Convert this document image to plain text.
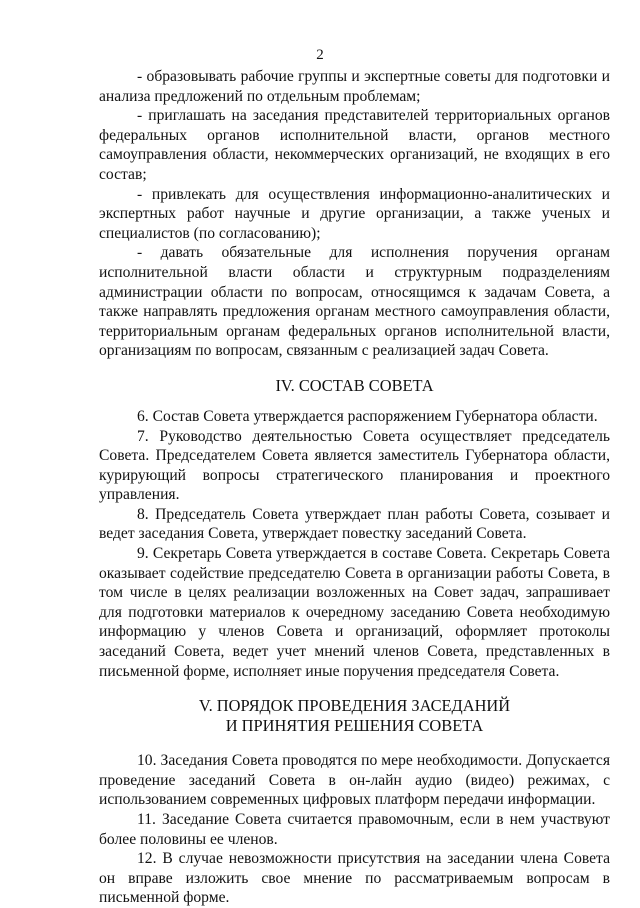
2

- образовывать рабочие группы и экспертные советы для подготовки и анализа предложений по отдельным проблемам;

- приглашать на заседания представителей территориальных органов федеральных органов исполнительной власти, органов местного самоуправления области, некоммерческих организаций, не входящих в его состав;

- привлекать для осуществления информационно-аналитических и экспертных работ научные и другие организации, а также ученых и специалистов (по согласованию);

- давать обязательные для исполнения поручения органам исполнительной власти области и структурным подразделениям администрации области по вопросам, относящимся к задачам Совета, а также направлять предложения органам местного самоуправления области, территориальным органам федеральных органов исполнительной власти, организациям по вопросам, связанным с реализацией задач Совета.

IV. СОСТАВ СОВЕТА

6. Состав Совета утверждается распоряжением Губернатора области.

7. Руководство деятельностью Совета осуществляет председатель Совета. Председателем Совета является заместитель Губернатора области, курирующий вопросы стратегического планирования и проектного управления.

8. Председатель Совета утверждает план работы Совета, созывает и ведет заседания Совета, утверждает повестку заседаний Совета.

9. Секретарь Совета утверждается в составе Совета. Секретарь Совета оказывает содействие председателю Совета в организации работы Совета, в том числе в целях реализации возложенных на Совет задач, запрашивает для подготовки материалов к очередному заседанию Совета необходимую информацию у членов Совета и организаций, оформляет протоколы заседаний Совета, ведет учет мнений членов Совета, представленных в письменной форме, исполняет иные поручения председателя Совета.

V. ПОРЯДОК ПРОВЕДЕНИЯ ЗАСЕДАНИЙ
И ПРИНЯТИЯ РЕШЕНИЯ СОВЕТА

10. Заседания Совета проводятся по мере необходимости. Допускается проведение заседаний Совета в он-лайн аудио (видео) режимах, с использованием современных цифровых платформ передачи информации.

11. Заседание Совета считается правомочным, если в нем участвуют более половины ее членов.

12. В случае невозможности присутствия на заседании члена Совета он вправе изложить свое мнение по рассматриваемым вопросам в письменной форме.
